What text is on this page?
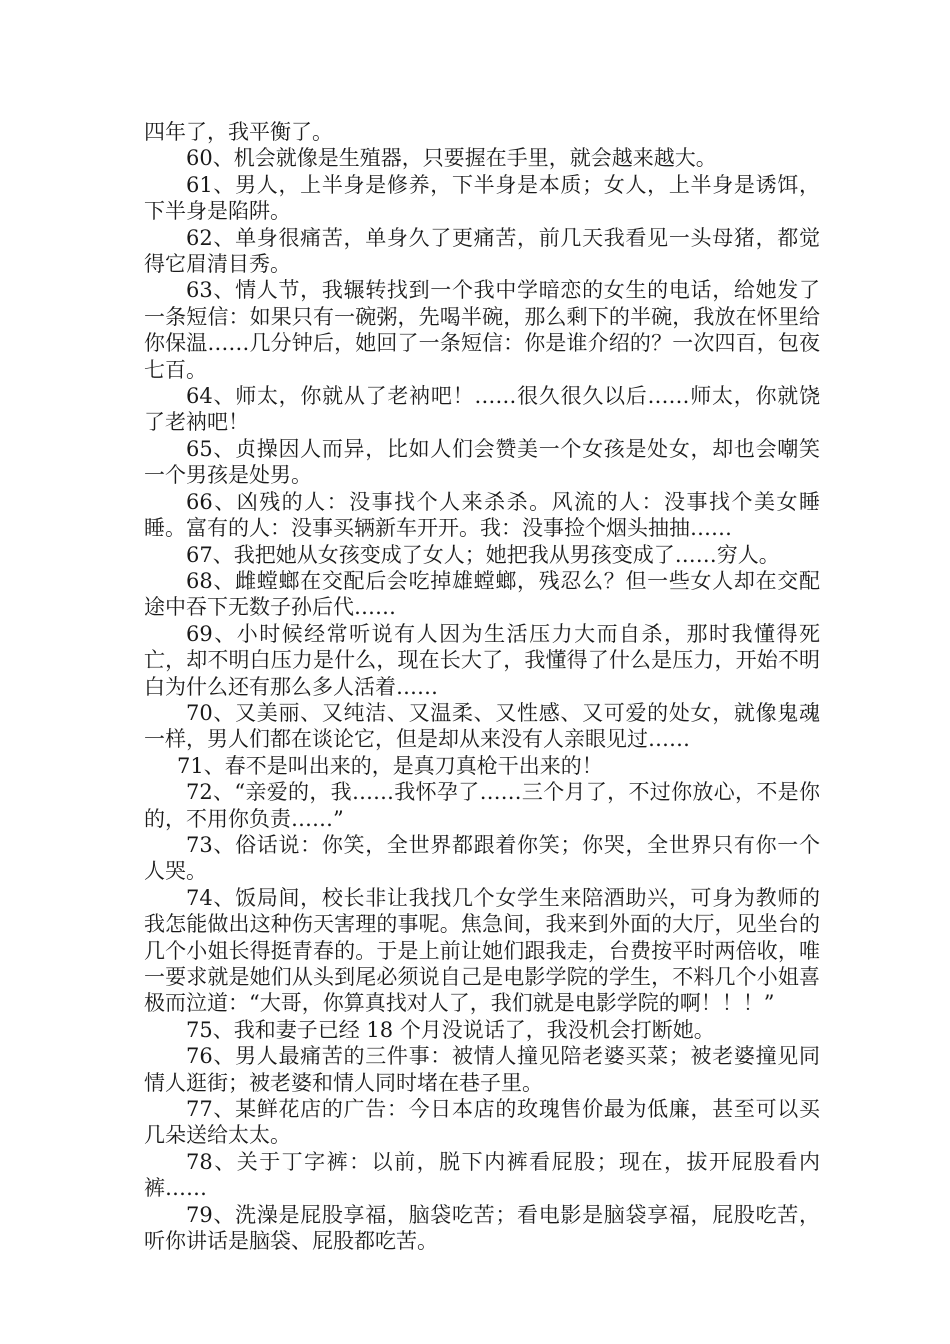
四年了，我平衡了。

60、机会就像是生殖器，只要握在手里，就会越来越大。

61、男人，上半身是修养，下半身是本质；女人，上半身是诱饵，下半身是陷阱。

62、单身很痛苦，单身久了更痛苦，前几天我看见一头母猪，都觉得它眉清目秀。

63、情人节，我辗转找到一个我中学暗恋的女生的电话，给她发了一条短信：如果只有一碗粥，先喝半碗，那么剩下的半碗，我放在怀里给你保温……几分钟后，她回了一条短信：你是谁介绍的？一次四百，包夜七百。

64、师太，你就从了老衲吧！……很久很久以后……师太，你就饶了老衲吧！

65、贞操因人而异，比如人们会赞美一个女孩是处女，却也会嘲笑一个男孩是处男。

66、凶残的人：没事找个人来杀杀。风流的人：没事找个美女睡睡。富有的人：没事买辆新车开开。我：没事捡个烟头抽抽……

67、我把她从女孩变成了女人；她把我从男孩变成了……穷人。

68、雌螳螂在交配后会吃掉雄螳螂，残忍么？但一些女人却在交配途中吞下无数子孙后代……

69、小时候经常听说有人因为生活压力大而自杀，那时我懂得死亡，却不明白压力是什么，现在长大了，我懂得了什么是压力，开始不明白为什么还有那么多人活着……

70、又美丽、又纯洁、又温柔、又性感、又可爱的处女，就像鬼魂一样，男人们都在谈论它，但是却从来没有人亲眼见过……

71、春不是叫出来的，是真刀真枪干出来的！

72、“亲爱的，我……我怀孕了……三个月了，不过你放心，不是你的，不用你负责……”

73、俗话说：你笑，全世界都跟着你笑；你哭，全世界只有你一个人哭。

74、饭局间，校长非让我找几个女学生来陪酒助兴，可身为教师的我怎能做出这种伤天害理的事呢。焦急间，我来到外面的大厅，见坐台的几个小姐长得挺青春的。于是上前让她们跟我走，台费按平时两倍收，唯一要求就是她们从头到尾必须说自己是电影学院的学生，不料几个小姐喜极而泣道：“大哥，你算真找对人了，我们就是电影学院的啊！！！”

75、我和妻子已经 18 个月没说话了，我没机会打断她。

76、男人最痛苦的三件事：被情人撞见陪老婆买菜；被老婆撞见同情人逛街；被老婆和情人同时堵在巷子里。

77、某鲜花店的广告：今日本店的玫瑰售价最为低廉，甚至可以买几朵送给太太。

78、关于丁字裤：以前，脱下内裤看屁股；现在，拔开屁股看内裤……

79、洗澡是屁股享福，脑袋吃苦；看电影是脑袋享福，屁股吃苦，听你讲话是脑袋、屁股都吃苦。
